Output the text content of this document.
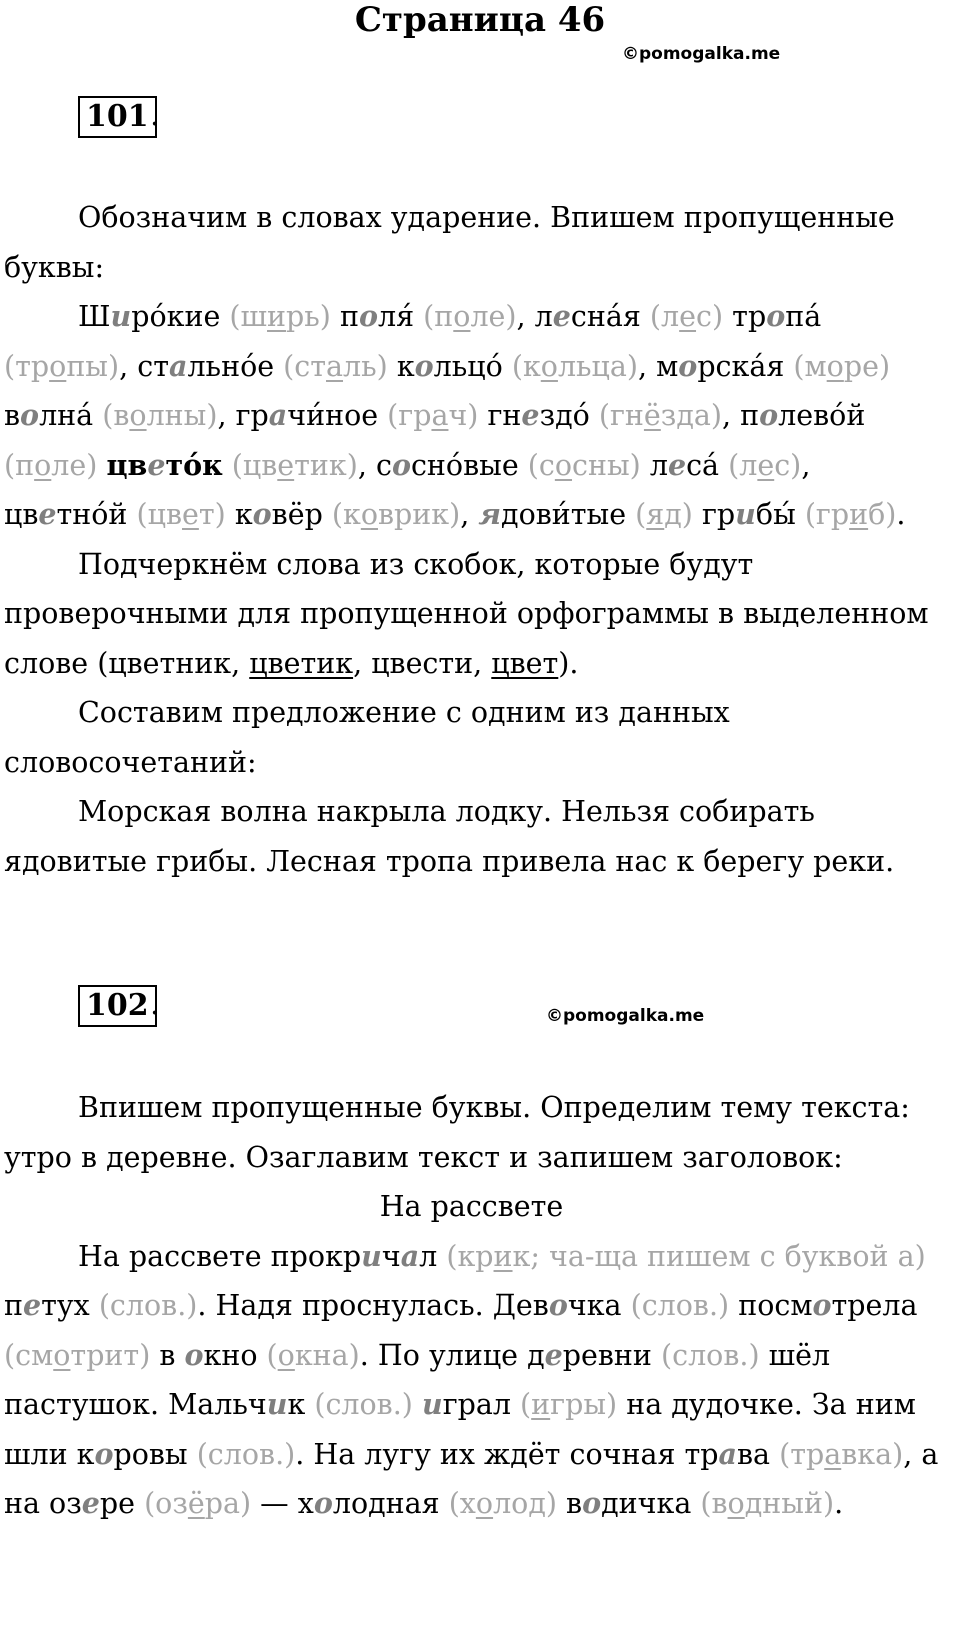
Страница 46
©pomogalka.me
101 .

Обозначим в словах ударение. Впишем пропущенные буквы:

Широ́кие (ширь) поля́ (поле), лесна́я (лес) тропа́ (тропы), стально́е (сталь) кольцо́ (кольца), морска́я (море) волна́ (волны), грачи́ное (грач) гнездо́ (гнёзда), полево́й (поле) цвето́к (цветик), сосно́вые (сосны) леса́ (лес), цветно́й (цвет) ковёр (коврик), ядови́тые (яд) грибы́ (гриб).

Подчеркнём слова из скобок, которые будут проверочными для пропущенной орфограммы в выделенном слове (цветник, цветик, цвести, цвет).

Составим предложение с одним из данных словосочетаний:

Морская волна накрыла лодку. Нельзя собирать ядовитые грибы. Лесная тропа привела нас к берегу реки.

102 .	©pomogalka.me

Впишем пропущенные буквы. Определим тему текста: утро в деревне. Озаглавим текст и запишем заголовок:

На рассвете

На рассвете прокричал (крик; ча-ща пишем с буквой а) петух (слов.). Надя проснулась. Девочка (слов.) посмотрела (смотрит) в окно (окна). По улице деревни (слов.) шёл пастушок. Мальчик (слов.) играл (игры) на дудочке. За ним шли коровы (слов.). На лугу их ждёт сочная трава (травка), а на озере (озёра) — холодная (холод) водичка (водный).
